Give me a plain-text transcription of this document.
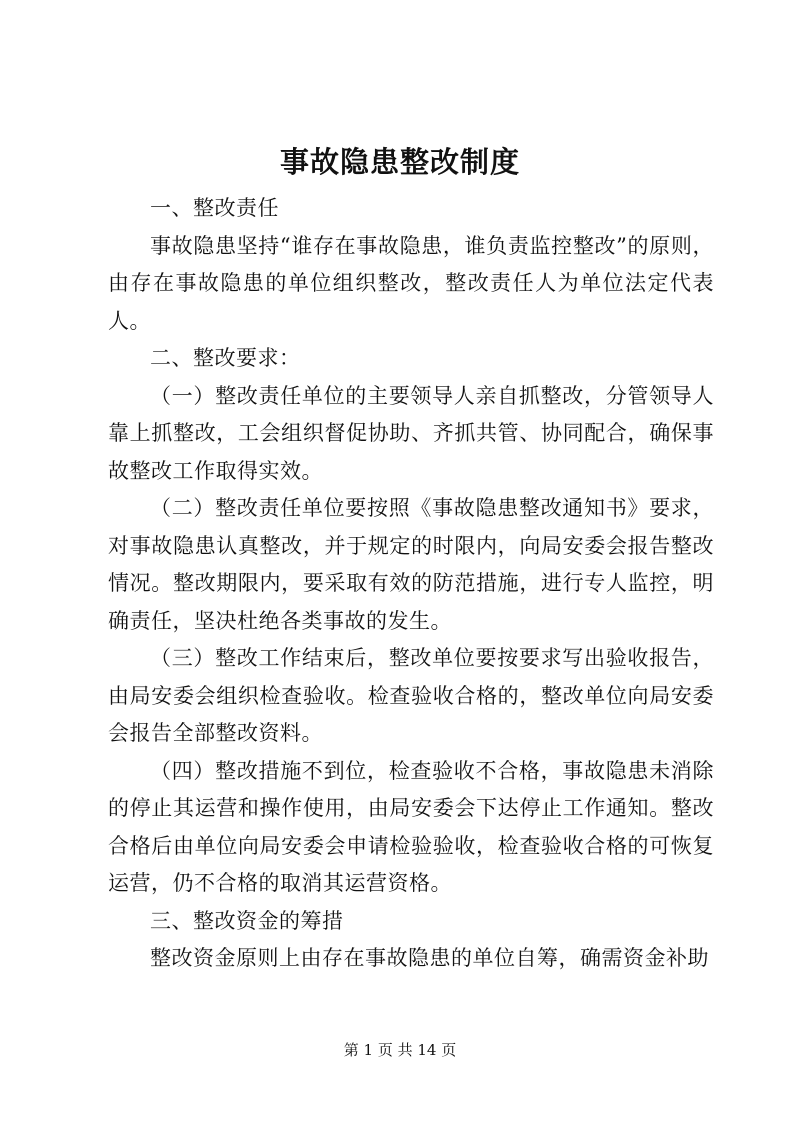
事故隐患整改制度

一、整改责任

事故隐患坚持“谁存在事故隐患，谁负责监控整改”的原则，由存在事故隐患的单位组织整改，整改责任人为单位法定代表人。

二、整改要求：

（一）整改责任单位的主要领导人亲自抓整改，分管领导人靠上抓整改，工会组织督促协助、齐抓共管、协同配合，确保事故整改工作取得实效。

（二）整改责任单位要按照《事故隐患整改通知书》要求，对事故隐患认真整改，并于规定的时限内，向局安委会报告整改情况。整改期限内，要采取有效的防范措施，进行专人监控，明确责任，坚决杜绝各类事故的发生。

（三）整改工作结束后，整改单位要按要求写出验收报告，由局安委会组织检查验收。检查验收合格的，整改单位向局安委会报告全部整改资料。

（四）整改措施不到位，检查验收不合格，事故隐患未消除的停止其运营和操作使用，由局安委会下达停止工作通知。整改合格后由单位向局安委会申请检验验收，检查验收合格的可恢复运营，仍不合格的取消其运营资格。

三、整改资金的筹措

整改资金原则上由存在事故隐患的单位自筹，确需资金补助

第 1 页 共 14 页
